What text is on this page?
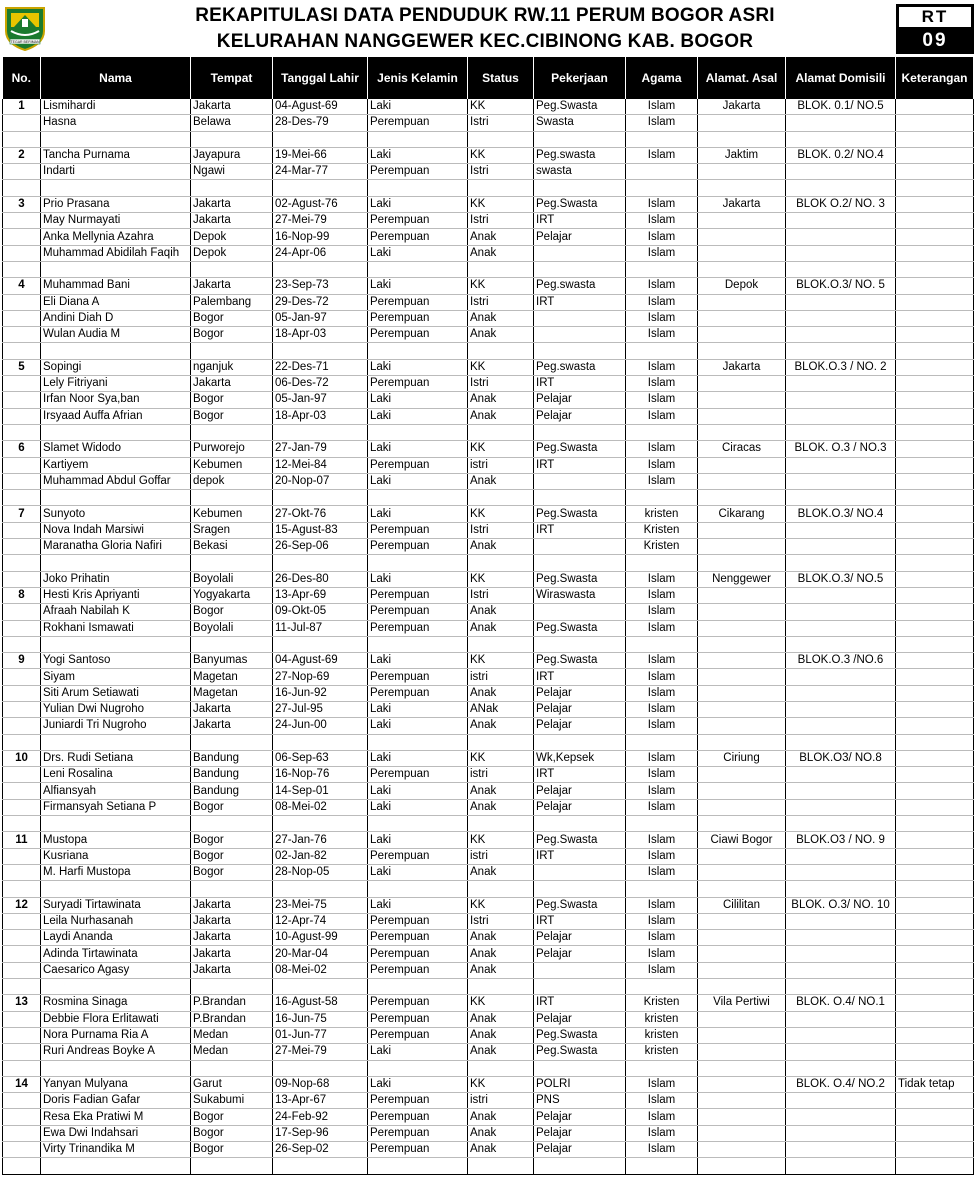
TEGAR BERIMAN
REKAPITULASI DATA PENDUDUK RW.11 PERUM BOGOR ASRI
KELURAHAN NANGGEWER KEC.CIBINONG KAB. BOGOR
RT
09
No.	Nama	Tempat	Tanggal Lahir	Jenis Kelamin	Status	Pekerjaan	Agama	Alamat. Asal	Alamat Domisili	Keterangan
1	Lismihardi	Jakarta	04-Agust-69	Laki	KK	Peg.Swasta	Islam	Jakarta	BLOK. 0.1/ NO.5	
	Hasna	Belawa	28-Des-79	Perempuan	Istri	Swasta	Islam			

2	Tancha Purnama	Jayapura	19-Mei-66	Laki	KK	Peg.swasta	Islam	Jaktim	BLOK. 0.2/ NO.4	
	Indarti	Ngawi	24-Mar-77	Perempuan	Istri	swasta				

3	Prio Prasana	Jakarta	02-Agust-76	Laki	KK	Peg.Swasta	Islam	Jakarta	BLOK O.2/ NO. 3	
	May Nurmayati	Jakarta	27-Mei-79	Perempuan	Istri	IRT	Islam			
	Anka Mellynia Azahra	Depok	16-Nop-99	Perempuan	Anak	Pelajar	Islam			
	Muhammad Abidilah Faqih	Depok	24-Apr-06	Laki	Anak		Islam			

4	Muhammad Bani	Jakarta	23-Sep-73	Laki	KK	Peg.swasta	Islam	Depok	BLOK.O.3/ NO. 5	
	Eli Diana A	Palembang	29-Des-72	Perempuan	Istri	IRT	Islam			
	Andini Diah D	Bogor	05-Jan-97	Perempuan	Anak		Islam			
	Wulan Audia M	Bogor	18-Apr-03	Perempuan	Anak		Islam			

5	Sopingi	nganjuk	22-Des-71	Laki	KK	Peg.swasta	Islam	Jakarta	BLOK.O.3 / NO. 2	
	Lely Fitriyani	Jakarta	06-Des-72	Perempuan	Istri	IRT	Islam			
	Irfan Noor Sya,ban	Bogor	05-Jan-97	Laki	Anak	Pelajar	Islam			
	Irsyaad Auffa Afrian	Bogor	18-Apr-03	Laki	Anak	Pelajar	Islam			

6	Slamet Widodo	Purworejo	27-Jan-79	Laki	KK	Peg.Swasta	Islam	Ciracas	BLOK. O.3 / NO.3	
	Kartiyem	Kebumen	12-Mei-84	Perempuan	istri	IRT	Islam			
	Muhammad Abdul Goffar	depok	20-Nop-07	Laki	Anak		Islam			

7	Sunyoto	Kebumen	27-Okt-76	Laki	KK	Peg.Swasta	kristen	Cikarang	BLOK.O.3/ NO.4	
	Nova Indah Marsiwi	Sragen	15-Agust-83	Perempuan	Istri	IRT	Kristen			
	Maranatha Gloria Nafiri	Bekasi	26-Sep-06	Perempuan	Anak		Kristen			

	Joko Prihatin	Boyolali	26-Des-80	Laki	KK	Peg.Swasta	Islam	Nenggewer	BLOK.O.3/ NO.5	
8	Hesti Kris Apriyanti	Yogyakarta	13-Apr-69	Perempuan	Istri	Wiraswasta	Islam			
	Afraah Nabilah K	Bogor	09-Okt-05	Perempuan	Anak		Islam			
	Rokhani Ismawati	Boyolali	11-Jul-87	Perempuan	Anak	Peg.Swasta	Islam			

9	Yogi Santoso	Banyumas	04-Agust-69	Laki	KK	Peg.Swasta	Islam		BLOK.O.3 /NO.6	
	Siyam	Magetan	27-Nop-69	Perempuan	istri	IRT	Islam			
	Siti Arum Setiawati	Magetan	16-Jun-92	Perempuan	Anak	Pelajar	Islam			
	Yulian Dwi Nugroho	Jakarta	27-Jul-95	Laki	ANak	Pelajar	Islam			
	Juniardi Tri Nugroho	Jakarta	24-Jun-00	Laki	Anak	Pelajar	Islam			

10	Drs. Rudi Setiana	Bandung	06-Sep-63	Laki	KK	Wk,Kepsek	Islam	Ciriung	BLOK.O3/ NO.8	
	Leni Rosalina	Bandung	16-Nop-76	Perempuan	istri	IRT	Islam			
	Alfiansyah	Bandung	14-Sep-01	Laki	Anak	Pelajar	Islam			
	Firmansyah Setiana P	Bogor	08-Mei-02	Laki	Anak	Pelajar	Islam			

11	Mustopa	Bogor	27-Jan-76	Laki	KK	Peg.Swasta	Islam	Ciawi Bogor	BLOK.O3 / NO. 9	
	Kusriana	Bogor	02-Jan-82	Perempuan	istri	IRT	Islam			
	M. Harfi Mustopa	Bogor	28-Nop-05	Laki	Anak		Islam			

12	Suryadi Tirtawinata	Jakarta	23-Mei-75	Laki	KK	Peg.Swasta	Islam	Cililitan	BLOK. O.3/ NO. 10	
	Leila Nurhasanah	Jakarta	12-Apr-74	Perempuan	Istri	IRT	Islam			
	Laydi Ananda	Jakarta	10-Agust-99	Perempuan	Anak	Pelajar	Islam			
	Adinda Tirtawinata	Jakarta	20-Mar-04	Perempuan	Anak	Pelajar	Islam			
	Caesarico Agasy	Jakarta	08-Mei-02	Perempuan	Anak		Islam			

13	Rosmina Sinaga	P.Brandan	16-Agust-58	Perempuan	KK	IRT	Kristen	Vila Pertiwi	BLOK. O.4/ NO.1	
	Debbie Flora Erlitawati	P.Brandan	16-Jun-75	Perempuan	Anak	Pelajar	kristen			
	Nora Purnama Ria A	Medan	01-Jun-77	Perempuan	Anak	Peg.Swasta	kristen			
	Ruri Andreas Boyke A	Medan	27-Mei-79	Laki	Anak	Peg.Swasta	kristen			

14	Yanyan Mulyana	Garut	09-Nop-68	Laki	KK	POLRI	Islam		BLOK. O.4/ NO.2	Tidak tetap
	Doris Fadian Gafar	Sukabumi	13-Apr-67	Perempuan	istri	PNS	Islam			
	Resa Eka Pratiwi M	Bogor	24-Feb-92	Perempuan	Anak	Pelajar	Islam			
	Ewa Dwi Indahsari	Bogor	17-Sep-96	Perempuan	Anak	Pelajar	Islam			
	Virty Trinandika M	Bogor	26-Sep-02	Perempuan	Anak	Pelajar	Islam			
